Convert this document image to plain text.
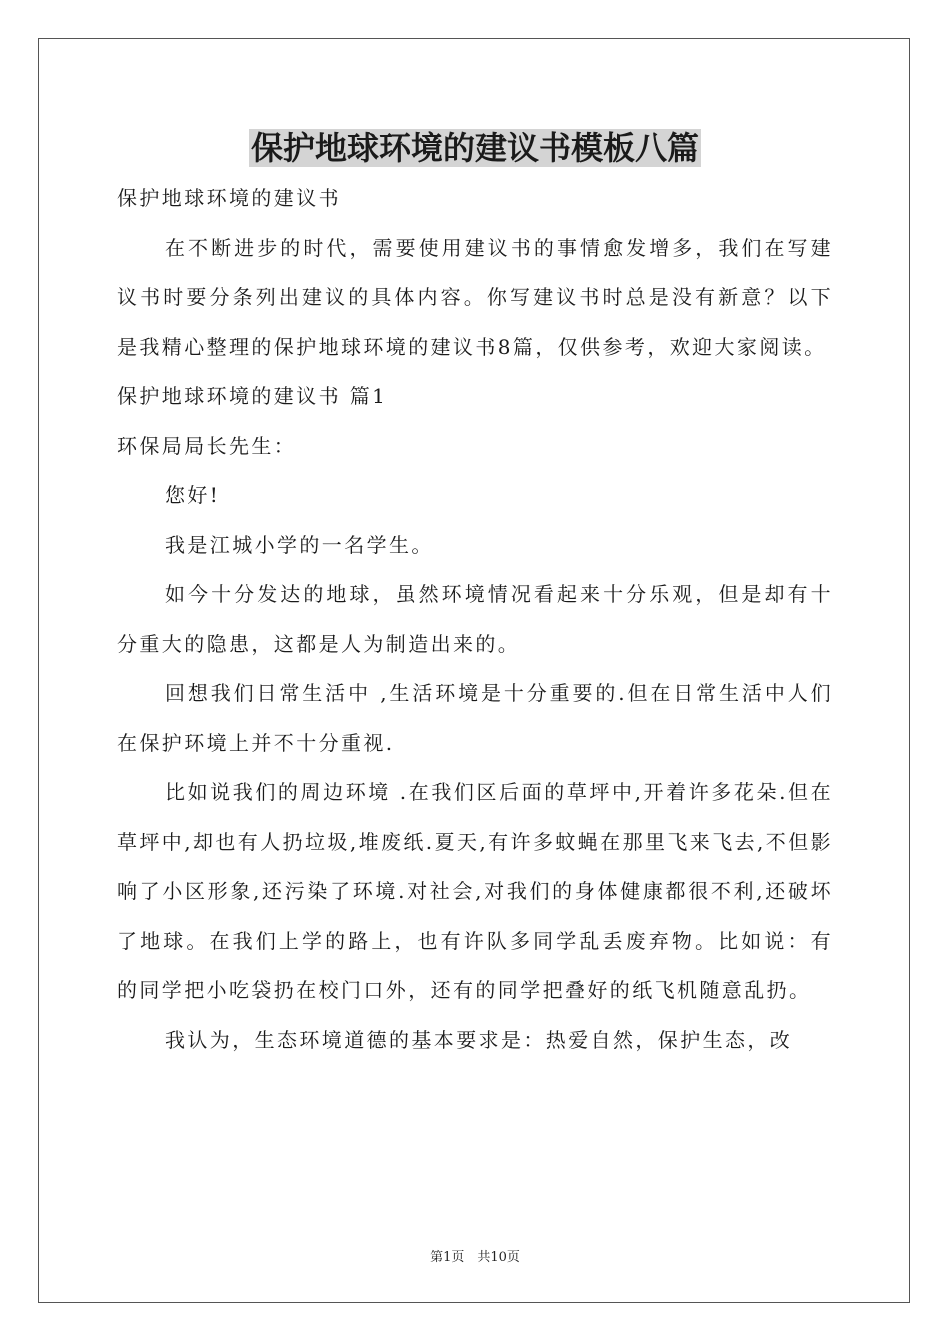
保护地球环境的建议书模板八篇

保护地球环境的建议书

在不断进步的时代，需要使用建议书的事情愈发增多，我们在写建议书时要分条列出建议的具体内容。你写建议书时总是没有新意？以下是我精心整理的保护地球环境的建议书8篇，仅供参考，欢迎大家阅读。

保护地球环境的建议书 篇1

环保局局长先生：

您好!

我是江城小学的一名学生。

如今十分发达的地球，虽然环境情况看起来十分乐观，但是却有十分重大的隐患，这都是人为制造出来的。

回想我们日常生活中 ,生活环境是十分重要的.但在日常生活中人们在保护环境上并不十分重视.

比如说我们的周边环境 .在我们区后面的草坪中,开着许多花朵.但在草坪中,却也有人扔垃圾,堆废纸.夏天,有许多蚊蝇在那里飞来飞去,不但影响了小区形象,还污染了环境.对社会,对我们的身体健康都很不利,还破坏了地球。在我们上学的路上，也有许队多同学乱丢废弃物。比如说：有的同学把小吃袋扔在校门口外，还有的同学把叠好的纸飞机随意乱扔。

我认为，生态环境道德的基本要求是：热爱自然，保护生态，改

第1页　共10页
